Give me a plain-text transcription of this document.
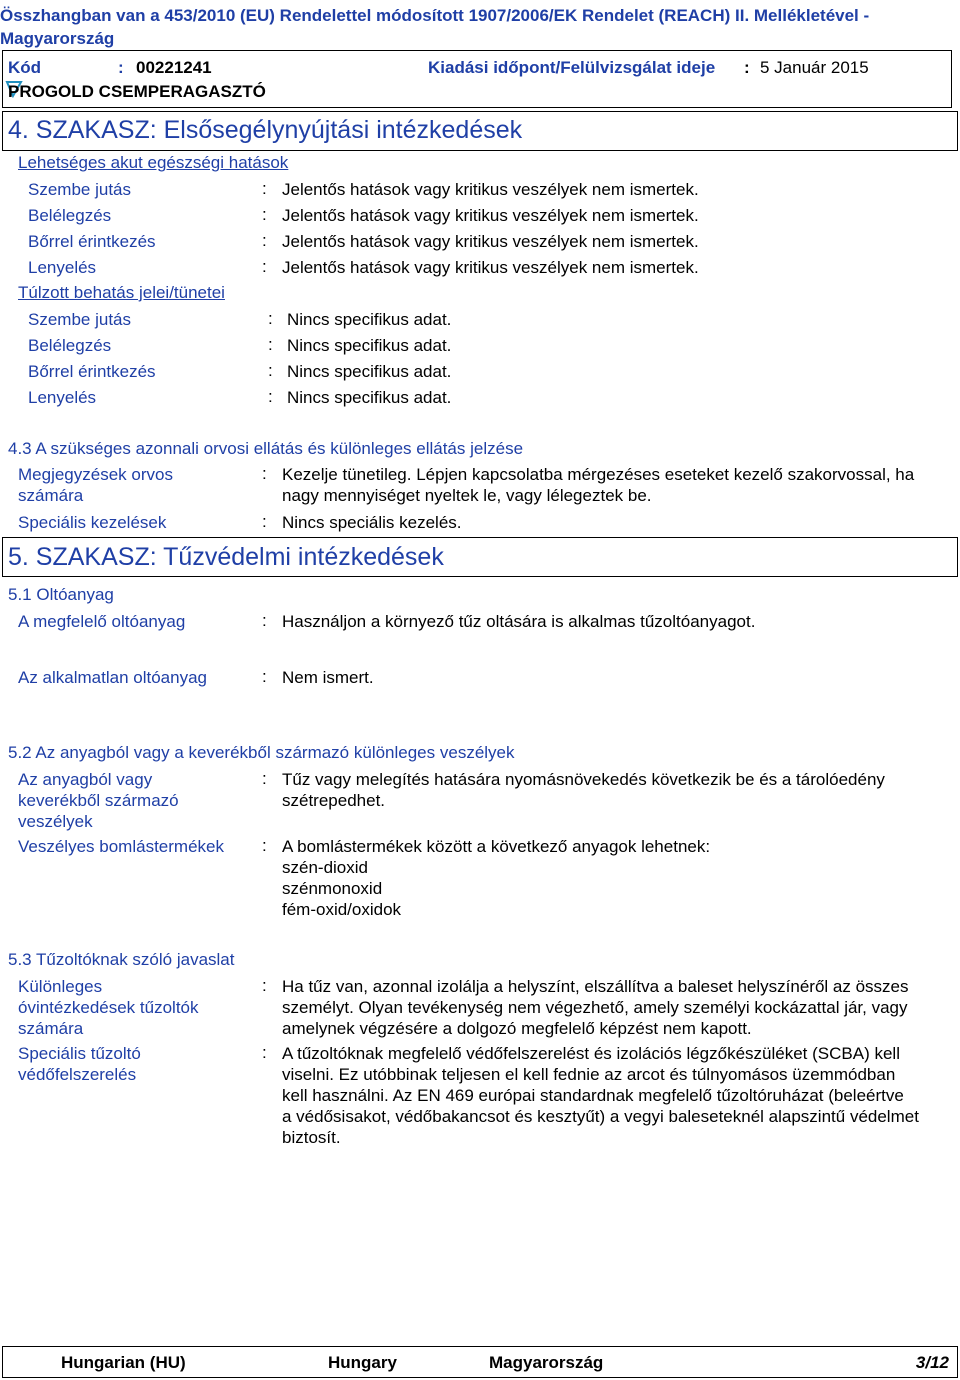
Összhangban van a 453/2010 (EU) Rendelettel módosított 1907/2006/EK Rendelet (REACH) II. Mellékletével -
Magyarország
Kód	: 00221241	Kiadási időpont/Felülvizsgálat ideje : 5 Január 2015
PROGOLD CSEMPERAGASZTÓ
4. SZAKASZ: Elsősegélynyújtási intézkedések
Lehetséges akut egészségi hatások
Szembe jutás	: Jelentős hatások vagy kritikus veszélyek nem ismertek.
Belélegzés	: Jelentős hatások vagy kritikus veszélyek nem ismertek.
Bőrrel érintkezés	: Jelentős hatások vagy kritikus veszélyek nem ismertek.
Lenyelés	: Jelentős hatások vagy kritikus veszélyek nem ismertek.
Túlzott behatás jelei/tünetei
Szembe jutás	: Nincs specifikus adat.
Belélegzés	: Nincs specifikus adat.
Bőrrel érintkezés	: Nincs specifikus adat.
Lenyelés	: Nincs specifikus adat.
4.3 A szükséges azonnali orvosi ellátás és különleges ellátás jelzése
Megjegyzések orvos
számára
: Kezelje tünetileg. Lépjen kapcsolatba mérgezéses eseteket kezelő szakorvossal, ha
nagy mennyiséget nyeltek le, vagy lélegeztek be.
Speciális kezelések	: Nincs speciális kezelés.
5. SZAKASZ: Tűzvédelmi intézkedések
5.1 Oltóanyag
A megfelelő oltóanyag	: Használjon a környező tűz oltására is alkalmas tűzoltóanyagot.
Az alkalmatlan oltóanyag	: Nem ismert.
5.2 Az anyagból vagy a keverékből származó különleges veszélyek
Az anyagból vagy
keverékből származó
veszélyek
: Tűz vagy melegítés hatására nyomásnövekedés következik be és a tárolóedény
szétrepedhet.
Veszélyes bomlástermékek : A bomlástermékek között a következő anyagok lehetnek:
szén-dioxid
szénmonoxid
fém-oxid/oxidok
5.3 Tűzoltóknak szóló javaslat
Különleges
óvintézkedések tűzoltók
számára
: Ha tűz van, azonnal izolálja a helyszínt, elszállítva a baleset helyszínéről az összes
személyt. Olyan tevékenység nem végezhető, amely személyi kockázattal jár, vagy
amelynek végzésére a dolgozó megfelelő képzést nem kapott.
Speciális tűzoltó
védőfelszerelés
: A tűzoltóknak megfelelő védőfelszerelést és izolációs légzőkészüléket (SCBA) kell
viselni. Ez utóbbinak teljesen el kell fednie az arcot és túlnyomásos üzemmódban
kell használni. Az EN 469 európai standardnak megfelelő tűzoltóruházat (beleértve
a védősisakot, védőbakancsot és kesztyűt) a vegyi baleseteknél alapszintű védelmet
biztosít.
Hungarian (HU)	Hungary	Magyarország	3/12
